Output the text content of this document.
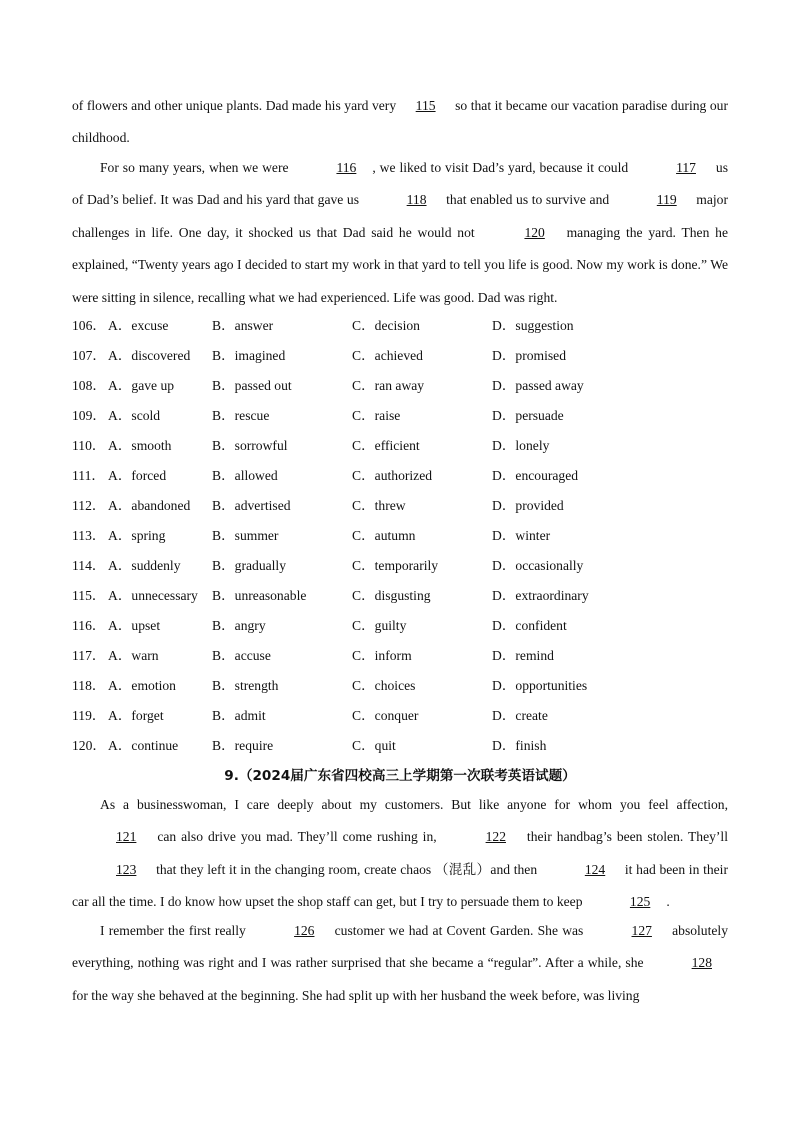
of flowers and other unique plants. Dad made his yard very 115 so that it became our vacation paradise during our childhood.

For so many years, when we were	116 , we liked to visit Dad’s yard, because it could	117 us of Dad’s belief. It was Dad and his yard that gave us	118 that enabled us to survive and	119 major challenges in life. One day, it shocked us that Dad said he would not	120 managing the yard. Then he explained, “Twenty years ago I decided to start my work in that yard to tell you life is good. Now my work is done.” We were sitting in silence, recalling what we had experienced. Life was good. Dad was right.

106． A．excuse	B．answer	C．decision	D．suggestion
107． A．discovered B．imagined	C．achieved	D．promised
108． A．gave up	B．passed out	C．ran away	D．passed away
109． A．scold	B．rescue	C．raise	D．persuade
110． A．smooth	B．sorrowful	C．efficient	D．lonely
111． A．forced	B．allowed	C．authorized	D．encouraged
112． A．abandoned B．advertised	C．threw	D．provided
113． A．spring	B．summer	C．autumn	D．winter
114． A．suddenly B．gradually	C．temporarily	D．occasionally
115． A．unnecessary B．unreasonable	C．disgusting	D．extraordinary
116． A．upset	B．angry	C．guilty	D．confident
117． A．warn	B．accuse	C．inform	D．remind
118． A．emotion	B．strength	C．choices	D．opportunities
119． A．forget	B．admit	C．conquer	D．create
120． A．continue B．require	C．quit	D．finish
9.（2024届广东省四校高三上学期第一次联考英语试题）

As a businesswoman, I care deeply about my customers. But like anyone for whom you feel affection, 121 can also drive you mad. They’ll come rushing in,	122 their handbag’s been stolen. They’ll 123 that they left it in the changing room, create chaos （混乱）and then	124 it had been in their car all the time. I do know how upset the shop staff can get, but I try to persuade them to keep	125 .

I remember the first really	126 customer we had at Covent Garden. She was	127 absolutely everything, nothing was right and I was rather surprised that she became a “regular”. After a while, she	128 for the way she behaved at the beginning. She had split up with her husband the week before, was living
